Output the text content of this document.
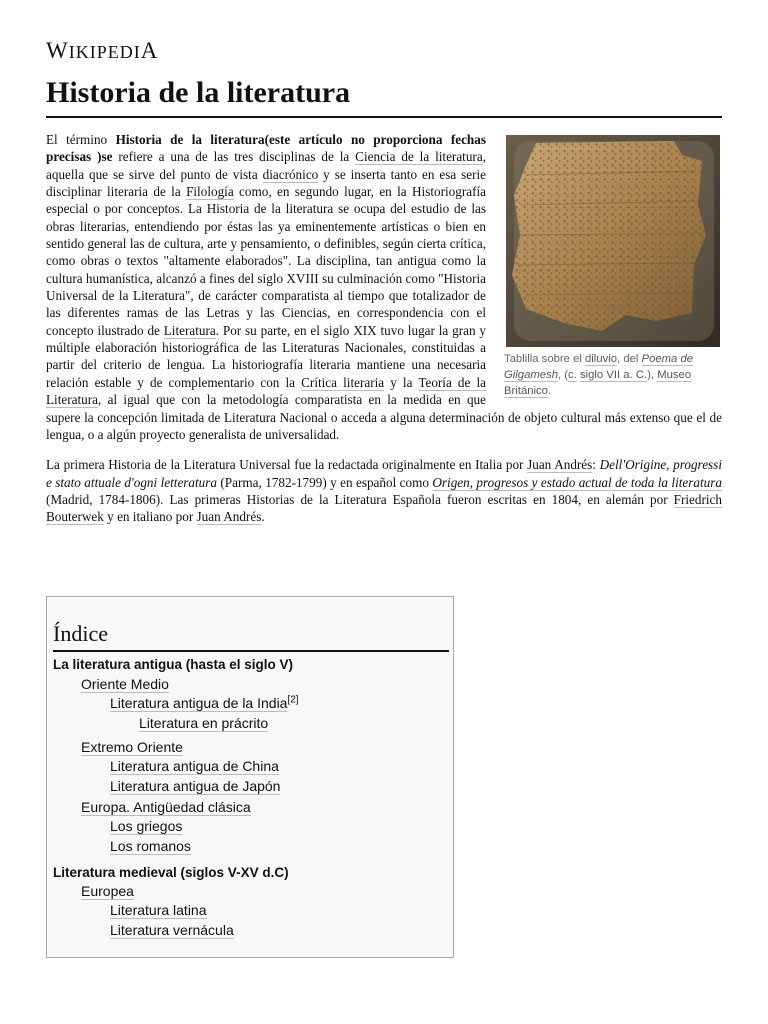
WIKIPEDIA
Historia de la literatura
Tablilla sobre el diluvio, del Poema de Gilgamesh, (c. siglo VII a. C.), Museo Británico.

El término Historia de la literatura(este artículo no proporciona fechas precisas )se refiere a una de las tres disciplinas de la Ciencia de la literatura, aquella que se sirve del punto de vista diacrónico y se inserta tanto en esa serie disciplinar literaria de la Filología como, en segundo lugar, en la Historiografía especial o por conceptos. La Historia de la literatura se ocupa del estudio de las obras literarias, entendiendo por éstas las ya eminentemente artísticas o bien en sentido general las de cultura, arte y pensamiento, o definibles, según cierta crítica, como obras o textos "altamente elaborados". La disciplina, tan antigua como la cultura humanística, alcanzó a fines del siglo XVIII su culminación como "Historia Universal de la Literatura", de carácter comparatista al tiempo que totalizador de las diferentes ramas de las Letras y las Ciencias, en correspondencia con el concepto ilustrado de Literatura. Por su parte, en el siglo XIX tuvo lugar la gran y múltiple elaboración historiográfica de las Literaturas Nacionales, constituidas a partir del criterio de lengua. La historiografía literaria mantiene una necesaria relación estable y de complementario con la Crítica literaria y la Teoría de la Literatura, al igual que con la metodología comparatista en la medida en que supere la concepción limitada de Literatura Nacional o acceda a alguna determinación de objeto cultural más extenso que el de lengua, o a algún proyecto generalista de universalidad.

La primera Historia de la Literatura Universal fue la redactada originalmente en Italia por Juan Andrés: Dell'Origine, progressi e stato attuale d'ogni letteratura (Parma, 1782-1799) y en español como Origen, progresos y estado actual de toda la literatura (Madrid, 1784-1806). Las primeras Historias de la Literatura Española fueron escritas en 1804, en alemán por Friedrich Bouterwek y en italiano por Juan Andrés.

Índice
La literatura antigua (hasta el siglo V)
Oriente Medio
Literatura antigua de la India[2]
Literatura en prácrito
Extremo Oriente
Literatura antigua de China
Literatura antigua de Japón
Europa. Antigüedad clásica
Los griegos
Los romanos
Literatura medieval (siglos V-XV d.C)
Europea
Literatura latina
Literatura vernácula
